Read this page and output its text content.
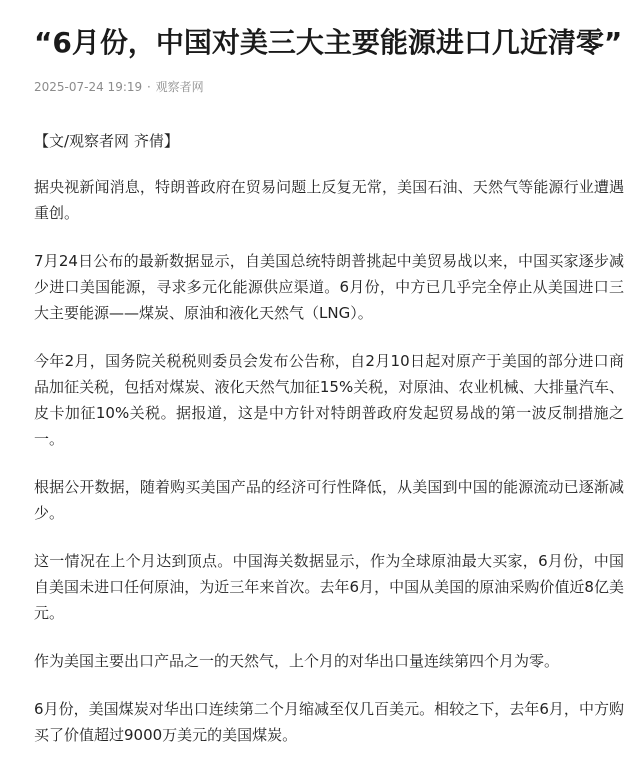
“6月份，中国对美三大主要能源进口几近清零”
2025-07-24 19:19 · 观察者网

【文/观察者网 齐倩】

据央视新闻消息，特朗普政府在贸易问题上反复无常，美国石油、天然气等能源行业遭遇重创。

7月24日公布的最新数据显示，自美国总统特朗普挑起中美贸易战以来，中国买家逐步减少进口美国能源，寻求多元化能源供应渠道。6月份，中方已几乎完全停止从美国进口三大主要能源——煤炭、原油和液化天然气（LNG）。

今年2月，国务院关税税则委员会发布公告称，自2月10日起对原产于美国的部分进口商品加征关税，包括对煤炭、液化天然气加征15%关税，对原油、农业机械、大排量汽车、皮卡加征10%关税。据报道，这是中方针对特朗普政府发起贸易战的第一波反制措施之一。

根据公开数据，随着购买美国产品的经济可行性降低，从美国到中国的能源流动已逐渐减少。

这一情况在上个月达到顶点。中国海关数据显示，作为全球原油最大买家，6月份，中国自美国未进口任何原油，为近三年来首次。去年6月，中国从美国的原油采购价值近8亿美元。

作为美国主要出口产品之一的天然气，上个月的对华出口量连续第四个月为零。

6月份，美国煤炭对华出口连续第二个月缩减至仅几百美元。相较之下，去年6月，中方购买了价值超过9000万美元的美国煤炭。
